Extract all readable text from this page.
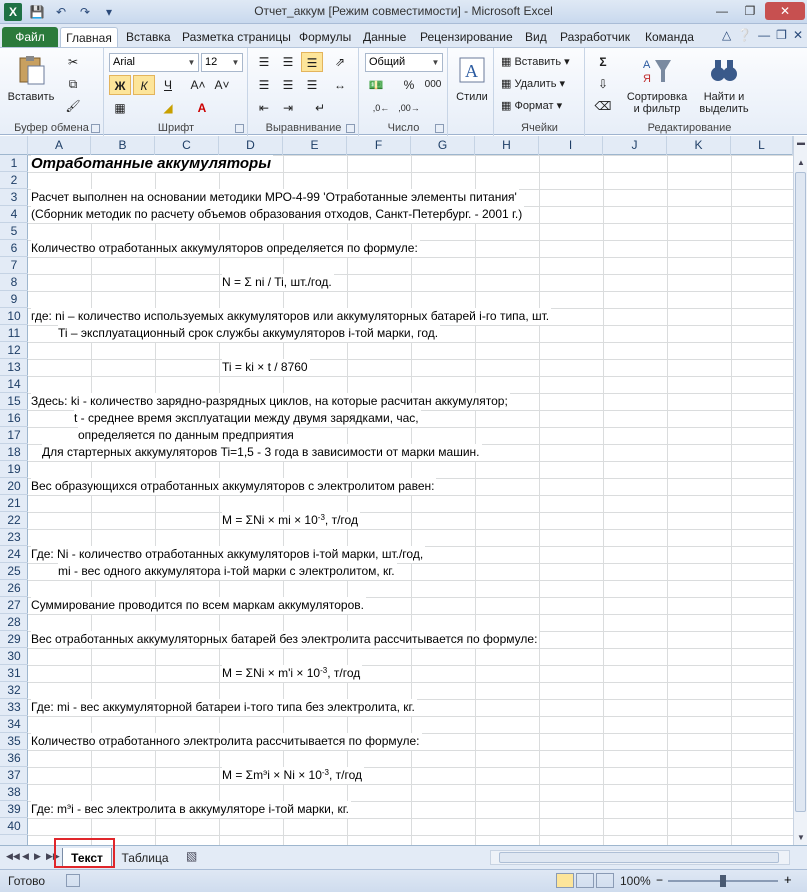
X	💾 ↶	↷	▾	Отчет_аккум [Режим совместимости] - Microsoft Excel	—	❐	✕
Файл	Главная	Вставка Разметка страницы Формулы Данные Рецензирование Вид Разработчик Команда △ ❔ — ❐ ✕
Вставить
✂
⧉
🖌
Буфер обмена
Arial	▼ 12	▼
Ж	К	Ч	A˄ A˅
▦	◢	A
Шрифт
☰	☰	☰	⇗
☰	☰	☰	↔
⇤	⇥	↵
Выравнивание
Общий	▼
💵	%	000
,0← ,00→
Число
A
Стили
▦ Вставить ▾
▦ Удалить ▾
▦ Формат ▾
Ячейки
Σ
⇩
⌫
А
Я
Сортировка
и фильтр
Найти и
выделить
Редактирование
A	B	C	D	E	F	G	H	I	J	K	L
1
2
3
4
5
6
7
8
9
10
11
12
13
14
15
16
17
18
19
20
21
22
23
24
25
26
27
28
29
30
31
32
33
34
35
36
37
38
39
40
Отработанные аккумуляторы
Расчет выполнен на основании методики МРО-4-99 'Отработанные элементы питания'
(Сборник методик по расчету объемов образования отходов, Санкт-Петербург. - 2001 г.)
Количество отработанных аккумуляторов определяется по формуле:
N = Σ ni / Ti, шт./год.
где: ni – количество используемых аккумуляторов или аккумуляторных батарей i-го типа, шт.
Ti – эксплуатационный срок службы аккумуляторов i-той марки, год.
Ti = ki × t / 8760
Здесь: ki - количество зарядно-разрядных циклов, на которые расчитан аккумулятор;
t - среднее время эксплуатации между двумя зарядками, час,
определяется по данным предприятия
Для стартерных аккумуляторов Ti=1,5 - 3 года в зависимости от марки машин.
Вес образующихся отработанных аккумуляторов с электролитом равен:
M = ΣNi × mi × $10^{-3}$, т/год
Где: Ni - количество отработанных аккумуляторов i-той марки, шт./год,
mi - вес одного аккумулятора i-той марки с электролитом, кг.
Суммирование проводится по всем маркам аккумуляторов.
Вес отработанных аккумуляторных батарей без электролита рассчитывается по формуле:
$M = \Sigma Ni \times m'i \times 10^{-3}$, т/год
Где: mi - вес аккумуляторной батареи i-того типа без электролита, кг.
Количество отработанного электролита рассчитывается по формуле:
$M = \Sigma m^эi \times Ni \times 10^{-3}$, т/год
Где: $m^эi$ - вес электролита в аккумуляторе i-той марки, кг.
▬
▲
▼
◀◀ ◀ ▶ ▶▶ Текст	Таблица	▧
Готово	100% −	+
